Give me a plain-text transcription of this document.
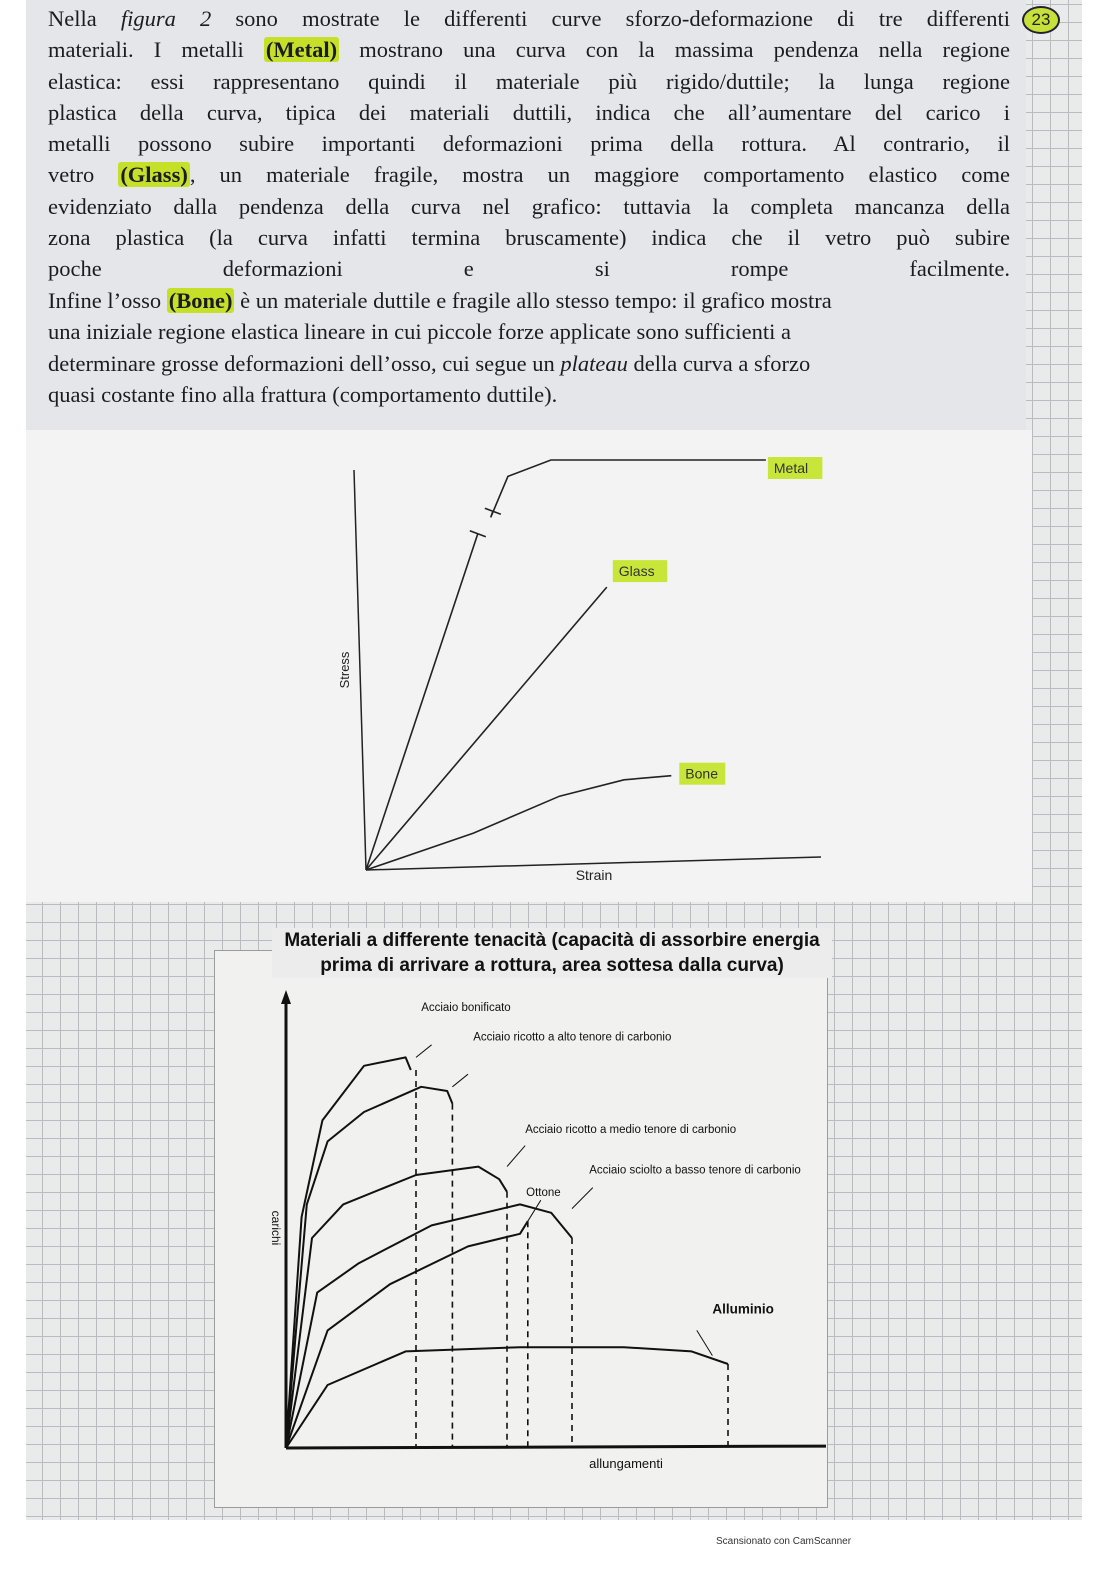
Nella figura 2 sono mostrate le differenti curve sforzo-deformazione di tre differenti
materiali. I metalli (Metal) mostrano una curva con la massima pendenza nella regione
elastica: essi rappresentano quindi il materiale più rigido/duttile; la lunga regione
plastica della curva, tipica dei materiali duttili, indica che all’aumentare del carico i
metalli possono subire importanti deformazioni prima della rottura. Al contrario, il
vetro (Glass), un materiale fragile, mostra un maggiore comportamento elastico come
evidenziato dalla pendenza della curva nel grafico: tuttavia la completa mancanza della
zona plastica (la curva infatti termina bruscamente) indica che il vetro può subire
poche deformazioni e si rompe facilmente.

Infine l’osso (Bone) è un materiale duttile e fragile allo stesso tempo: il grafico mostra
una iniziale regione elastica lineare in cui piccole forze applicate sono sufficienti a
determinare grosse deformazioni dell’osso, cui segue un plateau della curva a sforzo
quasi costante fino alla frattura (comportamento duttile).

23
Strain
Stress
Metal
Glass
Bone

Materiali a differente tenacità (capacità di assorbire energia prima di arrivare a rottura, area sottesa dalla curva)

allungamenti
carichi
Acciaio bonificato
Acciaio ricotto a alto tenore di carbonio
Acciaio ricotto a medio tenore di carbonio
Acciaio sciolto a basso tenore di carbonio
Ottone
Alluminio
Scansionato con CamScanner
